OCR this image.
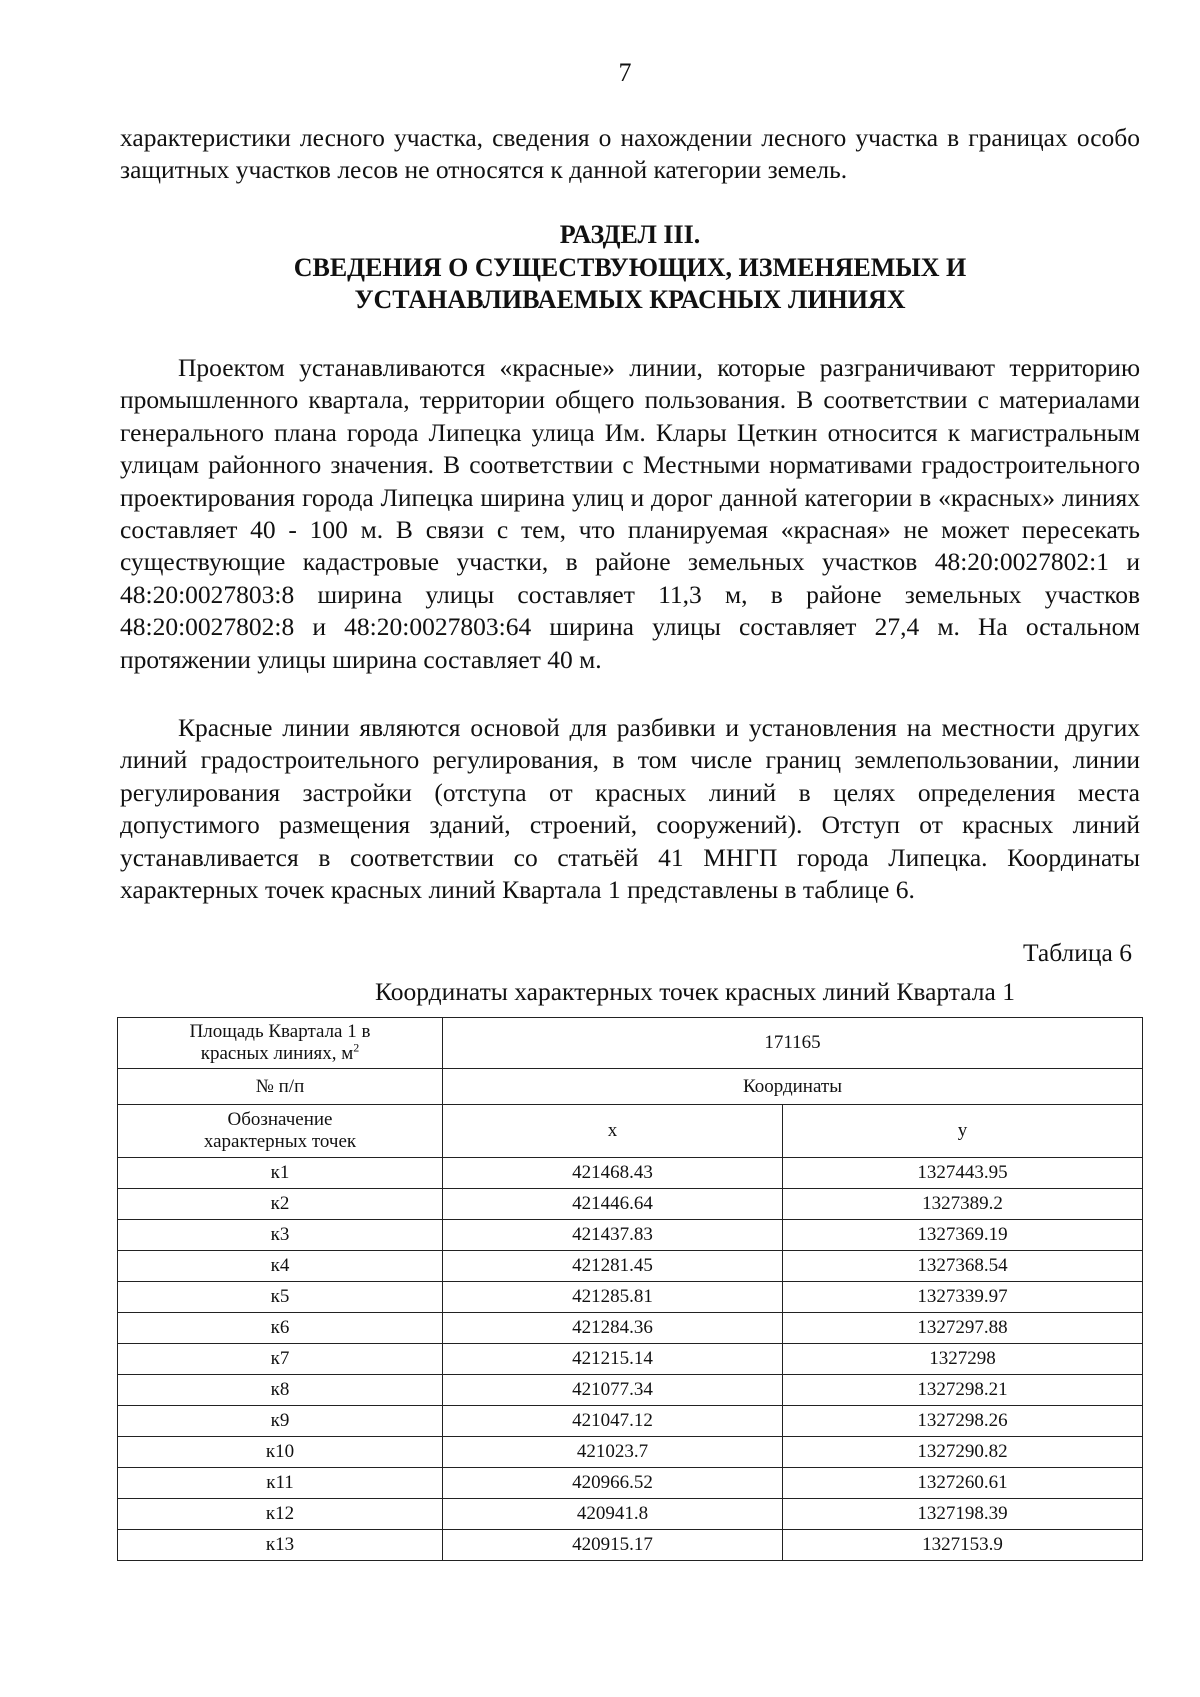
7

характеристики лесного участка, сведения о нахождении лесного участка в границах особо защитных участков лесов не относятся к данной категории земель.

РАЗДЕЛ III.
СВЕДЕНИЯ О СУЩЕСТВУЮЩИХ, ИЗМЕНЯЕМЫХ И
УСТАНАВЛИВАЕМЫХ КРАСНЫХ ЛИНИЯХ

Проектом устанавливаются «красные» линии, которые разграничивают территорию промышленного квартала, территории общего пользования. В соответствии с материалами генерального плана города Липецка улица Им. Клары Цеткин относится к магистральным улицам районного значения. В соответствии с Местными нормативами градостроительного проектирования города Липецка ширина улиц и дорог данной категории в «красных» линиях составляет 40 - 100 м. В связи с тем, что планируемая «красная» не может пересекать существующие кадастровые участки, в районе земельных участков 48:20:0027802:1 и 48:20:0027803:8 ширина улицы составляет 11,3 м, в районе земельных участков 48:20:0027802:8 и 48:20:0027803:64 ширина улицы составляет 27,4 м. На остальном протяжении улицы ширина составляет 40 м.

Красные линии являются основой для разбивки и установления на местности других линий градостроительного регулирования, в том числе границ землепользовании, линии регулирования застройки (отступа от красных линий в целях определения места допустимого размещения зданий, строений, сооружений). Отступ от красных линий устанавливается в соответствии со статьёй 41 МНГП города Липецка. Координаты характерных точек красных линий Квартала 1 представлены в таблице 6.

Таблица 6
Координаты характерных точек красных линий Квартала 1
Площадь Квартала 1 в
красных линиях, $м^2$	171165	
№ п/п	Координаты	
Обозначение
характерных точек	х	у
к1	421468.43	1327443.95
к2	421446.64	1327389.2
к3	421437.83	1327369.19
к4	421281.45	1327368.54
к5	421285.81	1327339.97
к6	421284.36	1327297.88
к7	421215.14	1327298
к8	421077.34	1327298.21
к9	421047.12	1327298.26
к10	421023.7	1327290.82
к11	420966.52	1327260.61
к12	420941.8	1327198.39
к13	420915.17	1327153.9
